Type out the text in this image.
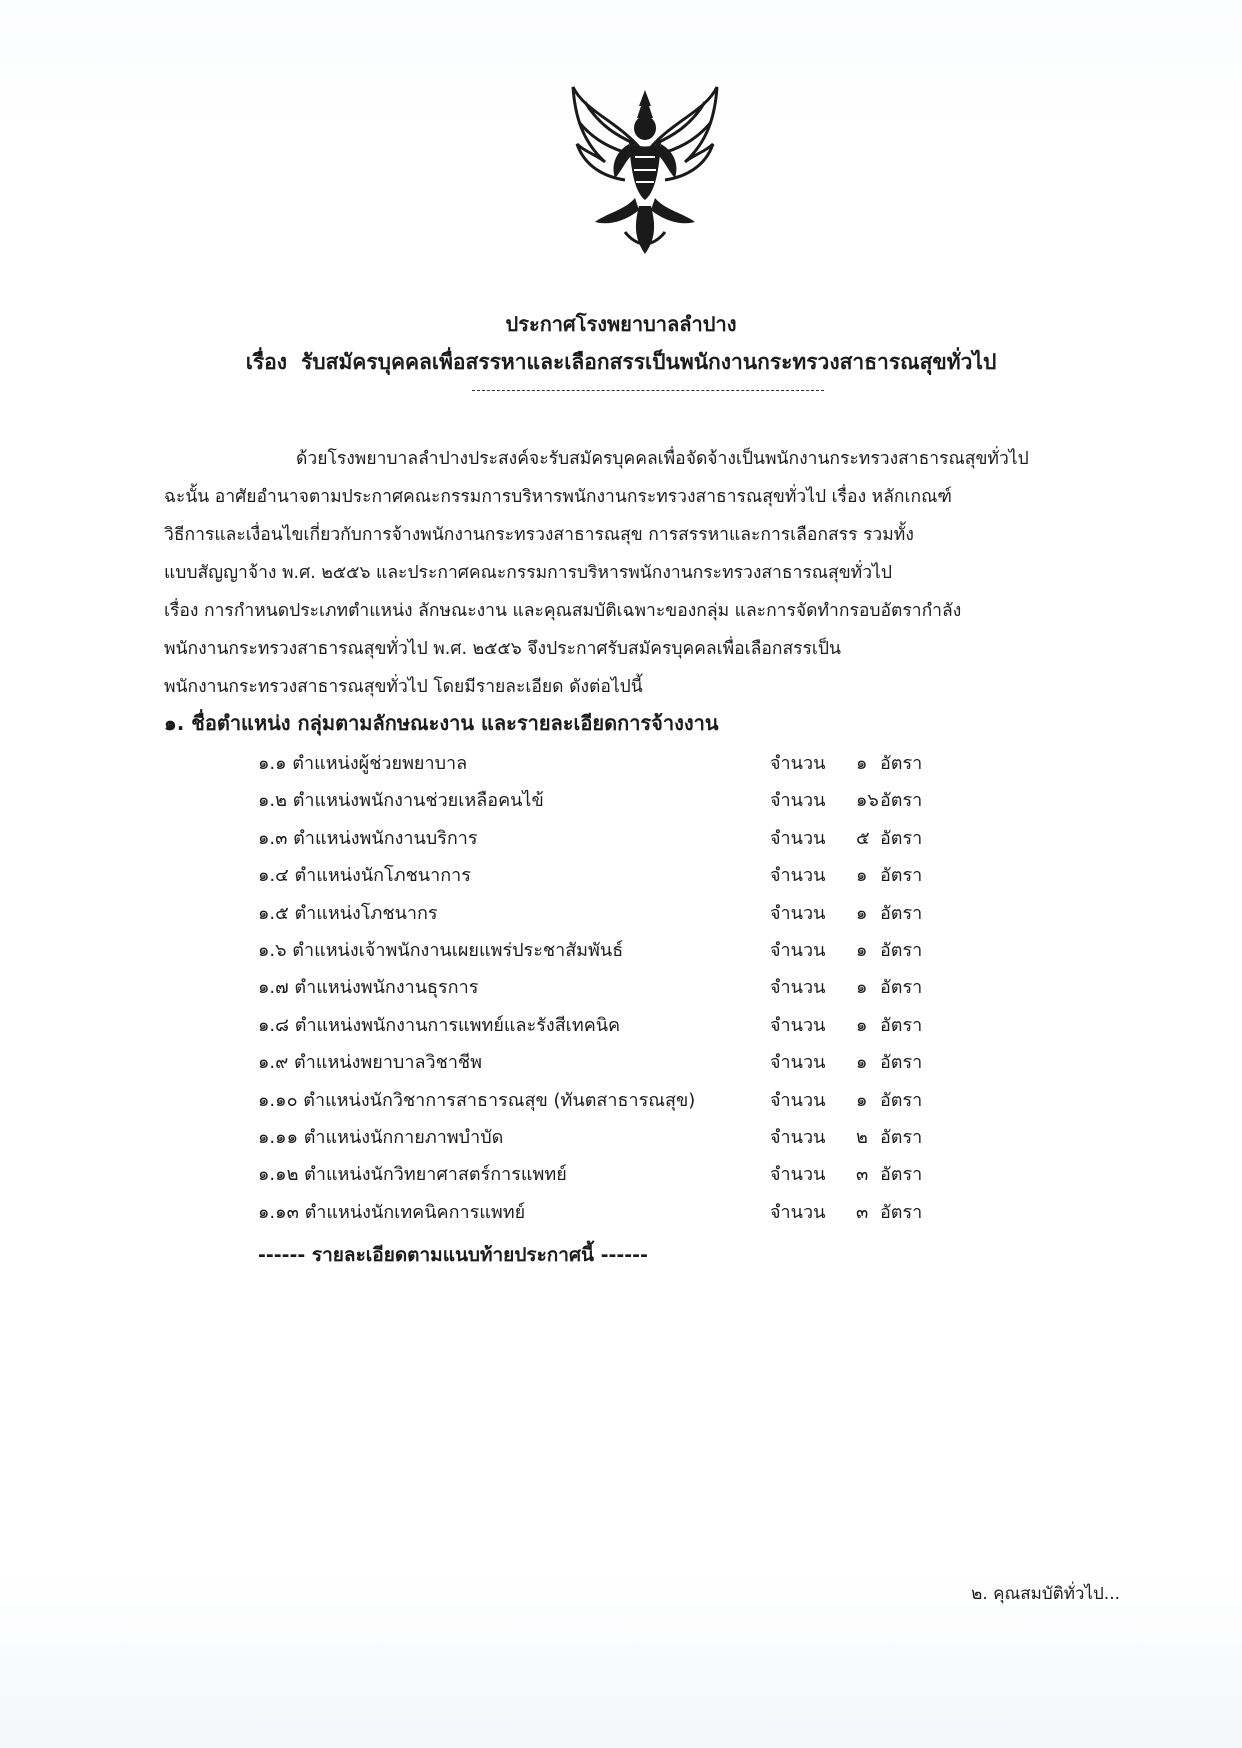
ประกาศโรงพยาบาลลำปาง
เรื่อง รับสมัครบุคคลเพื่อสรรหาและเลือกสรรเป็นพนักงานกระทรวงสาธารณสุขทั่วไป
ด้วยโรงพยาบาลลำปางประสงค์จะรับสมัครบุคคลเพื่อจัดจ้างเป็นพนักงานกระทรวงสาธารณสุขทั่วไป
ฉะนั้น อาศัยอำนาจตามประกาศคณะกรรมการบริหารพนักงานกระทรวงสาธารณสุขทั่วไป เรื่อง หลักเกณฑ์
วิธีการและเงื่อนไขเกี่ยวกับการจ้างพนักงานกระทรวงสาธารณสุข การสรรหาและการเลือกสรร รวมทั้ง
แบบสัญญาจ้าง พ.ศ. ๒๕๕๖ และประกาศคณะกรรมการบริหารพนักงานกระทรวงสาธารณสุขทั่วไป
เรื่อง การกำหนดประเภทตำแหน่ง ลักษณะงาน และคุณสมบัติเฉพาะของกลุ่ม และการจัดทำกรอบอัตรากำลัง
พนักงานกระทรวงสาธารณสุขทั่วไป พ.ศ. ๒๕๕๖ จึงประกาศรับสมัครบุคคลเพื่อเลือกสรรเป็น
พนักงานกระทรวงสาธารณสุขทั่วไป โดยมีรายละเอียด ดังต่อไปนี้
๑. ชื่อตำแหน่ง กลุ่มตามลักษณะงาน และรายละเอียดการจ้างงาน
๑.๑ ตำแหน่งผู้ช่วยพยาบาล	จำนวน ๑ อัตรา
๑.๒ ตำแหน่งพนักงานช่วยเหลือคนไข้	จำนวน ๑๖ อัตรา
๑.๓ ตำแหน่งพนักงานบริการ	จำนวน ๕ อัตรา
๑.๔ ตำแหน่งนักโภชนาการ	จำนวน ๑ อัตรา
๑.๕ ตำแหน่งโภชนากร	จำนวน ๑ อัตรา
๑.๖ ตำแหน่งเจ้าพนักงานเผยแพร่ประชาสัมพันธ์	จำนวน ๑ อัตรา
๑.๗ ตำแหน่งพนักงานธุรการ	จำนวน ๑ อัตรา
๑.๘ ตำแหน่งพนักงานการแพทย์และรังสีเทคนิค	จำนวน ๑ อัตรา
๑.๙ ตำแหน่งพยาบาลวิชาชีพ	จำนวน ๑ อัตรา
๑.๑๐ ตำแหน่งนักวิชาการสาธารณสุข (ทันตสาธารณสุข)	จำนวน ๑ อัตรา
๑.๑๑ ตำแหน่งนักกายภาพบำบัด	จำนวน ๒ อัตรา
๑.๑๒ ตำแหน่งนักวิทยาศาสตร์การแพทย์	จำนวน ๓ อัตรา
๑.๑๓ ตำแหน่งนักเทคนิคการแพทย์	จำนวน ๓ อัตรา
------ รายละเอียดตามแนบท้ายประกาศนี้ ------
๒. คุณสมบัติทั่วไป...
